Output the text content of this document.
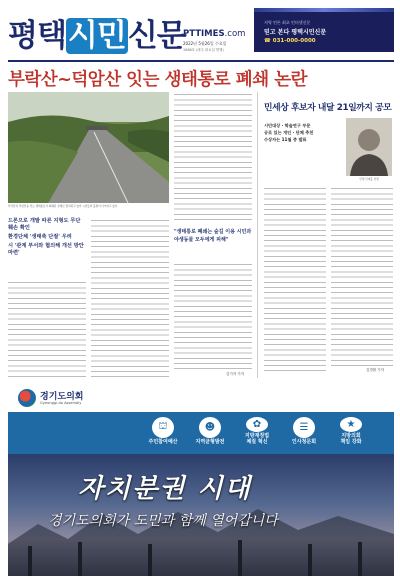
평택시민신문
PTTIMES.com
2022년 5월26일 수요일
1066호 (매주 화요일 발행)
지역 언론 최초 인터넷신문
믿고 본다 평택시민신문
☎ 031-000-0000
부락산~덕암산 잇는 생태통로 폐쇄 논란
부락산과 덕암산을 잇는 생태통로가 폐쇄된 상태로 방치되고 있어 시민들의 불편이 이어지고 있다
드론으로 개발 따른 지형도 무단 훼손 확인
환경단체 '생태축 단절' 우려
시 '관계 부서와 협의해 개선 방안 마련'
"생태통로 폐쇄는 숲길 이용 시민과 야생동물 모두에게 피해"
김기자 기자
민세상 후보자 내달 21일까지 공모
시민대상 · 학술연구 부문
공로 있는 개인 · 단체 추천
수상자는 11월 중 발표
민세 안재홍 선생
김경환 기자
경기도의회
Gyeonggi-do Assembly
⛫
주민참여예산
☻
지역균형발전
✿
지방재정법
체질 혁신
☰
인사청문회
★
지방의회
책임 강화
자치분권 시대
경기도의회가 도민과 함께 열어갑니다
